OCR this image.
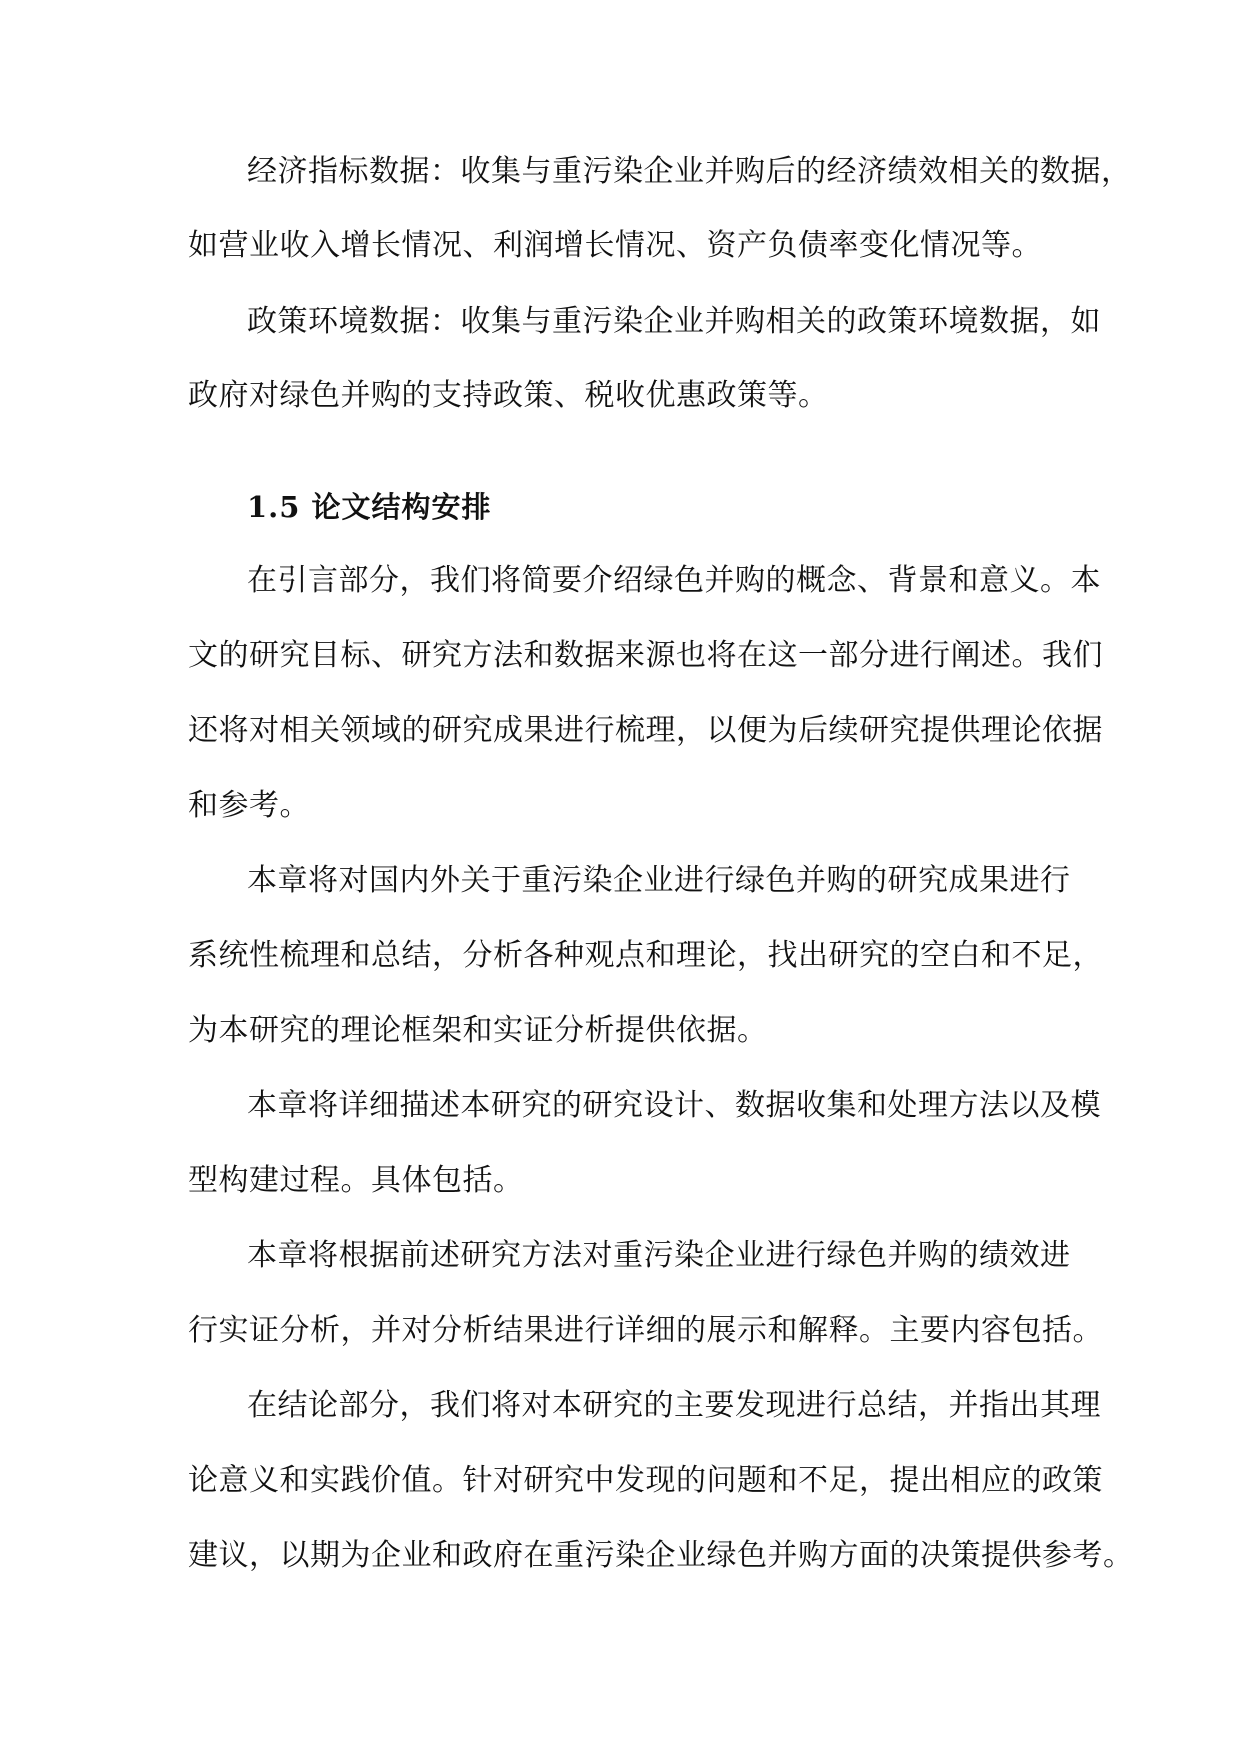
经济指标数据：收集与重污染企业并购后的经济绩效相关的数据，
如营业收入增长情况、利润增长情况、资产负债率变化情况等。
政策环境数据：收集与重污染企业并购相关的政策环境数据，如
政府对绿色并购的支持政策、税收优惠政策等。
1.5 论文结构安排
在引言部分，我们将简要介绍绿色并购的概念、背景和意义。本
文的研究目标、研究方法和数据来源也将在这一部分进行阐述。我们
还将对相关领域的研究成果进行梳理，以便为后续研究提供理论依据
和参考。
本章将对国内外关于重污染企业进行绿色并购的研究成果进行
系统性梳理和总结，分析各种观点和理论，找出研究的空白和不足，
为本研究的理论框架和实证分析提供依据。
本章将详细描述本研究的研究设计、数据收集和处理方法以及模
型构建过程。具体包括。
本章将根据前述研究方法对重污染企业进行绿色并购的绩效进
行实证分析，并对分析结果进行详细的展示和解释。主要内容包括。
在结论部分，我们将对本研究的主要发现进行总结，并指出其理
论意义和实践价值。针对研究中发现的问题和不足，提出相应的政策
建议，以期为企业和政府在重污染企业绿色并购方面的决策提供参考。
